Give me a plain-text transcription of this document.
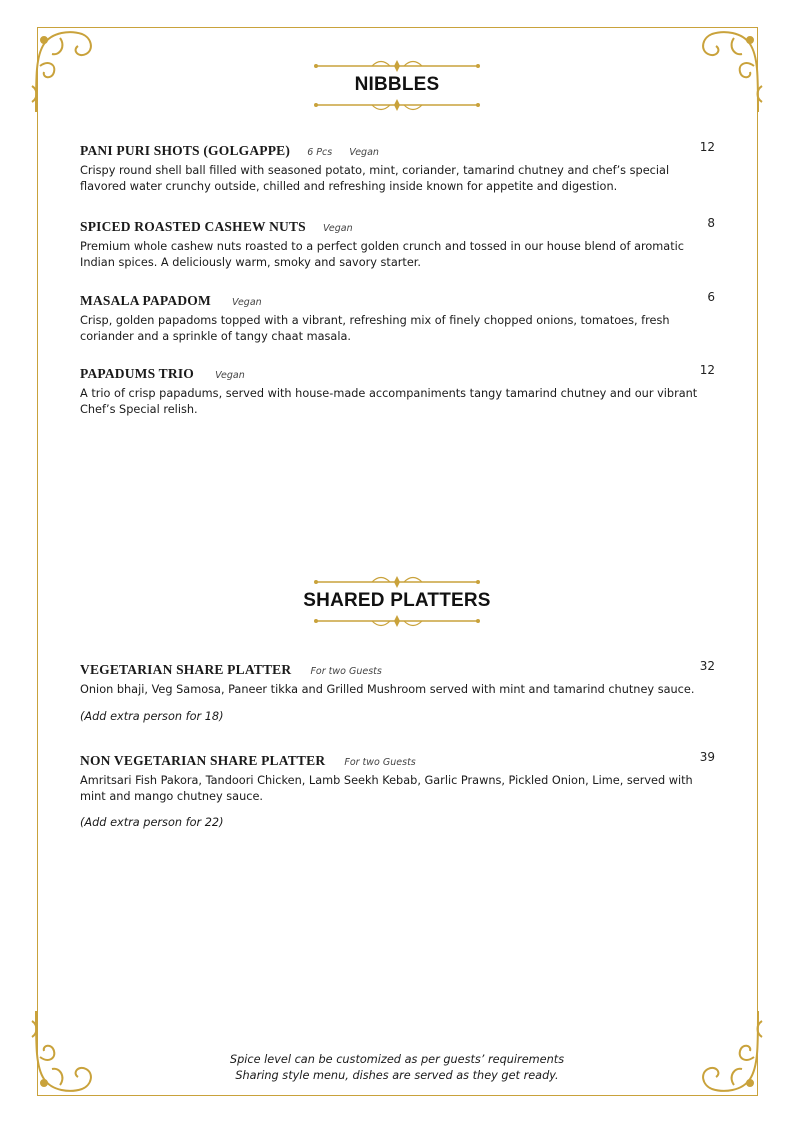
NIBBLES
PANI PURI SHOTS (GOLGAPPE) 6 Pcs Vegan	12
Crispy round shell ball filled with seasoned potato, mint, coriander, tamarind chutney and chef’s special flavored water crunchy outside, chilled and refreshing inside known for appetite and digestion.
SPICED ROASTED CASHEW NUTS Vegan	8
Premium whole cashew nuts roasted to a perfect golden crunch and tossed in our house blend of aromatic Indian spices. A deliciously warm, smoky and savory starter.
MASALA PAPADOM Vegan	6
Crisp, golden papadoms topped with a vibrant, refreshing mix of finely chopped onions, tomatoes, fresh coriander and a sprinkle of tangy chaat masala.
PAPADUMS TRIO Vegan	12
A trio of crisp papadums, served with house-made accompaniments tangy tamarind chutney and our vibrant Chef’s Special relish.
SHARED PLATTERS
VEGETARIAN SHARE PLATTER For two Guests	32
Onion bhaji, Veg Samosa, Paneer tikka and Grilled Mushroom served with mint and tamarind chutney sauce.
(Add extra person for 18)
NON VEGETARIAN SHARE PLATTER For two Guests	39
Amritsari Fish Pakora, Tandoori Chicken, Lamb Seekh Kebab, Garlic Prawns, Pickled Onion, Lime, served with mint and mango chutney sauce.
(Add extra person for 22)
Spice level can be customized as per guests’ requirements
Sharing style menu, dishes are served as they get ready.
